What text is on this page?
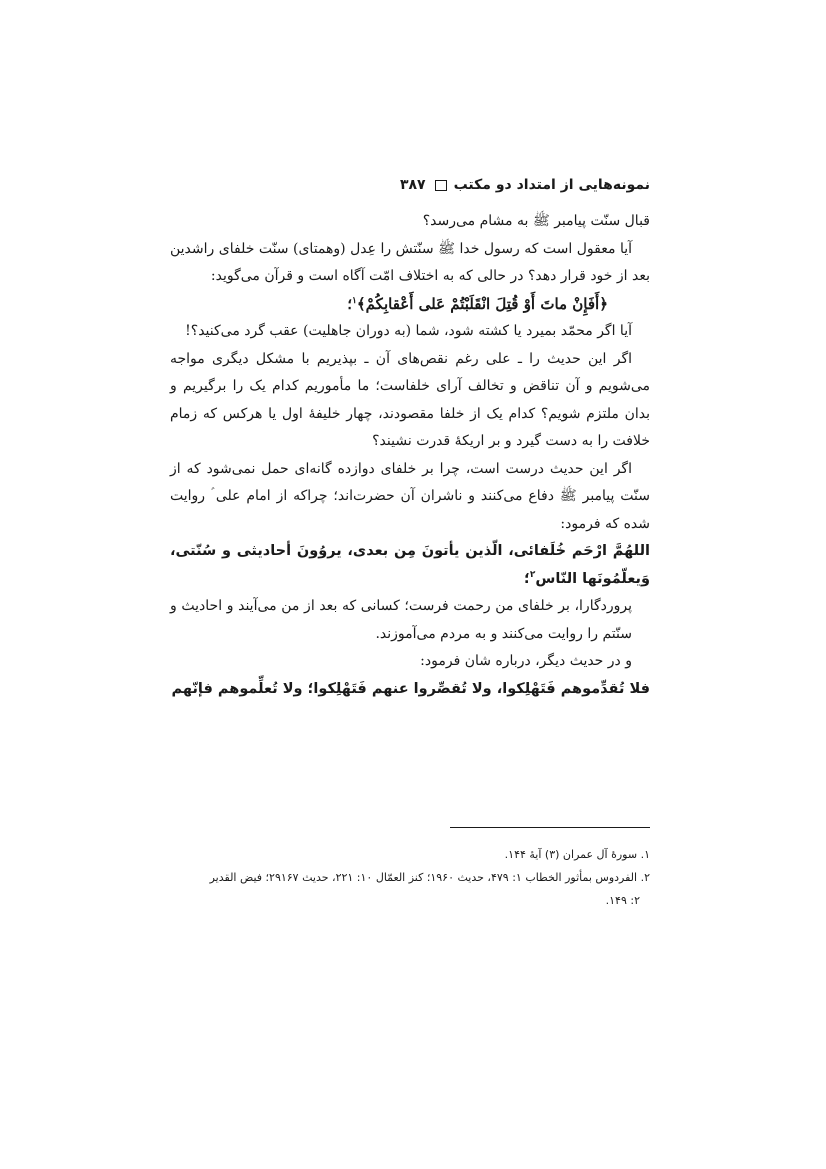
نمونه‌هایی از امتداد دو مکتب
۳۸۷

قبال سنّت پیامبر ﷺ به مشام می‌رسد؟

آیا معقول است که رسول خدا ﷺ سنّتش را عِدل (وهمتای) سنّت خلفای راشدین بعد از خود قرار دهد؟ در حالی که به اختلاف امّت آگاه است و قرآن می‌گوید:

﴿أَفَإِنْ ماتَ أَوْ قُتِلَ انْقَلَبْتُمْ عَلى أَعْقابِكُمْ﴾$^۱$؛

آیا اگر محمّد بمیرد یا کشته شود، شما (به دوران جاهلیت) عقب گرد می‌کنید؟!

اگر این حدیث را ـ علی رغم نقص‌های آن ـ بپذیریم با مشکل دیگری مواجه می‌شویم و آن تناقض و تخالف آرای خلفاست؛ ما مأموریم کدام یک را برگیریم و بدان ملتزم شویم؟ کدام یک از خلفا مقصودند، چهار خلیفهٔ اول یا هرکس که زمام خلافت را به دست گیرد و بر اریکهٔ قدرت نشیند؟

اگر این حدیث درست است، چرا بر خلفای دوازده گانه‌ای حمل نمی‌شود که از سنّت پیامبر ﷺ دفاع می‌کنند و ناشران آن حضرت‌اند؛ چراکه از امام علی ؑ روایت شده که فرمود:

اللهُمَّ ارْحَم خُلَفائی، الّذین یأتونَ مِن بعدی، یروُونَ أحادیثی و سُنّتی، وَیعلّمُونَها النّاس$^۲$؛

پروردگارا، بر خلفای من رحمت فرست؛ کسانی که بعد از من می‌آیند و احادیث و سنّتم را روایت می‌کنند و به مردم می‌آموزند.

و در حدیث دیگر، درباره شان فرمود:

فلا تُقدِّموهم فَتَهْلِکوا، ولا تُقصِّروا عنهم فَتَهْلِکوا؛ ولا تُعلِّموهم فإنّهم

۱. سورهٔ آل عمران (۳) آیهٔ ۱۴۴.

۲. الفردوس بمأثور الخطاب ۱: ۴۷۹، حدیث ۱۹۶۰؛ کنز العمّال ۱۰: ۲۲۱، حدیث ۲۹۱۶۷؛ فیض القدیر

۲: ۱۴۹.
